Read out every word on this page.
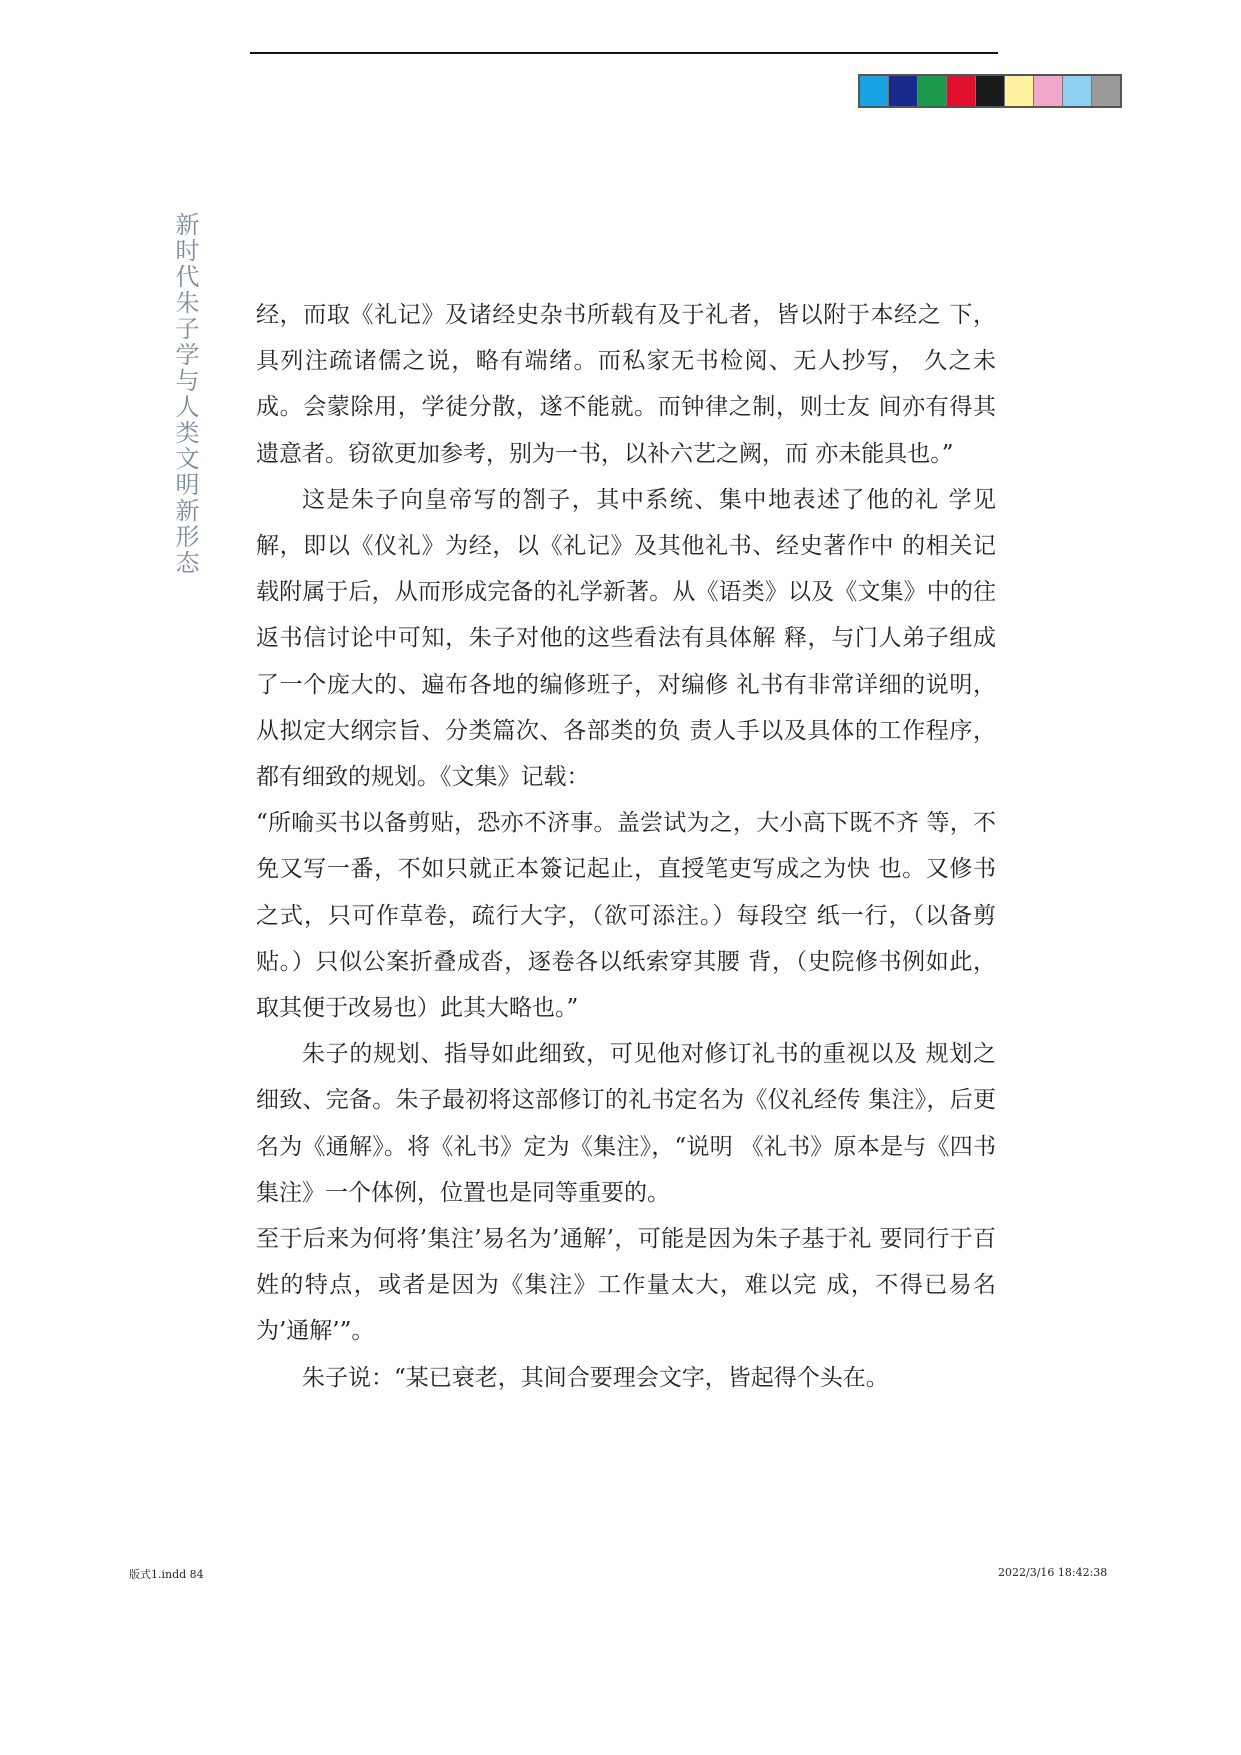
新时代朱子学与人类文明新形态 经，而取《礼记》及诸经史杂书所载有及于礼者，皆以附于本经之 下，具列注疏诸儒之说，略有端绪。而私家无书检阅、无人抄写， 久之未成。会蒙除用，学徒分散，遂不能就。而钟律之制，则士友 间亦有得其遗意者。窃欲更加参考，别为一书，以补六艺之阙，而 亦未能具也。”

这是朱子向皇帝写的劄子，其中系统、集中地表述了他的礼 学见解，即以《仪礼》为经，以《礼记》及其他礼书、经史著作中 的相关记载附属于后，从而形成完备的礼学新著。从《语类》以及《文集》中的往返书信讨论中可知，朱子对他的这些看法有具体解 释，与门人弟子组成了一个庞大的、遍布各地的编修班子，对编修 礼书有非常详细的说明，从拟定大纲宗旨、分类篇次、各部类的负 责人手以及具体的工作程序，都有细致的规划。《文集》记载：

“所喻买书以备剪贴，恐亦不济事。盖尝试为之，大小高下既不齐 等，不免又写一番，不如只就正本簽记起止，直授笔吏写成之为快 也。又修书之式，只可作草卷，疏行大字，（欲可添注。）每段空 纸一行，（以备剪贴。）只似公案折叠成沓，逐卷各以纸索穿其腰 背，（史院修书例如此，取其便于改易也）此其大略也。”

朱子的规划、指导如此细致，可见他对修订礼书的重视以及 规划之细致、完备。朱子最初将这部修订的礼书定名为《仪礼经传 集注》，后更名为《通解》。将《礼书》定为《集注》，“说明 《礼书》原本是与《四书集注》一个体例，位置也是同等重要的。

至于后来为何将’集注’易名为’通解’，可能是因为朱子基于礼 要同行于百姓的特点，或者是因为《集注》工作量太大，难以完 成，不得已易名为’通解’”。

朱子说：“某已衰老，其间合要理会文字，皆起得个头在。

版式1.indd 84	2022/3/16 18:42:38
